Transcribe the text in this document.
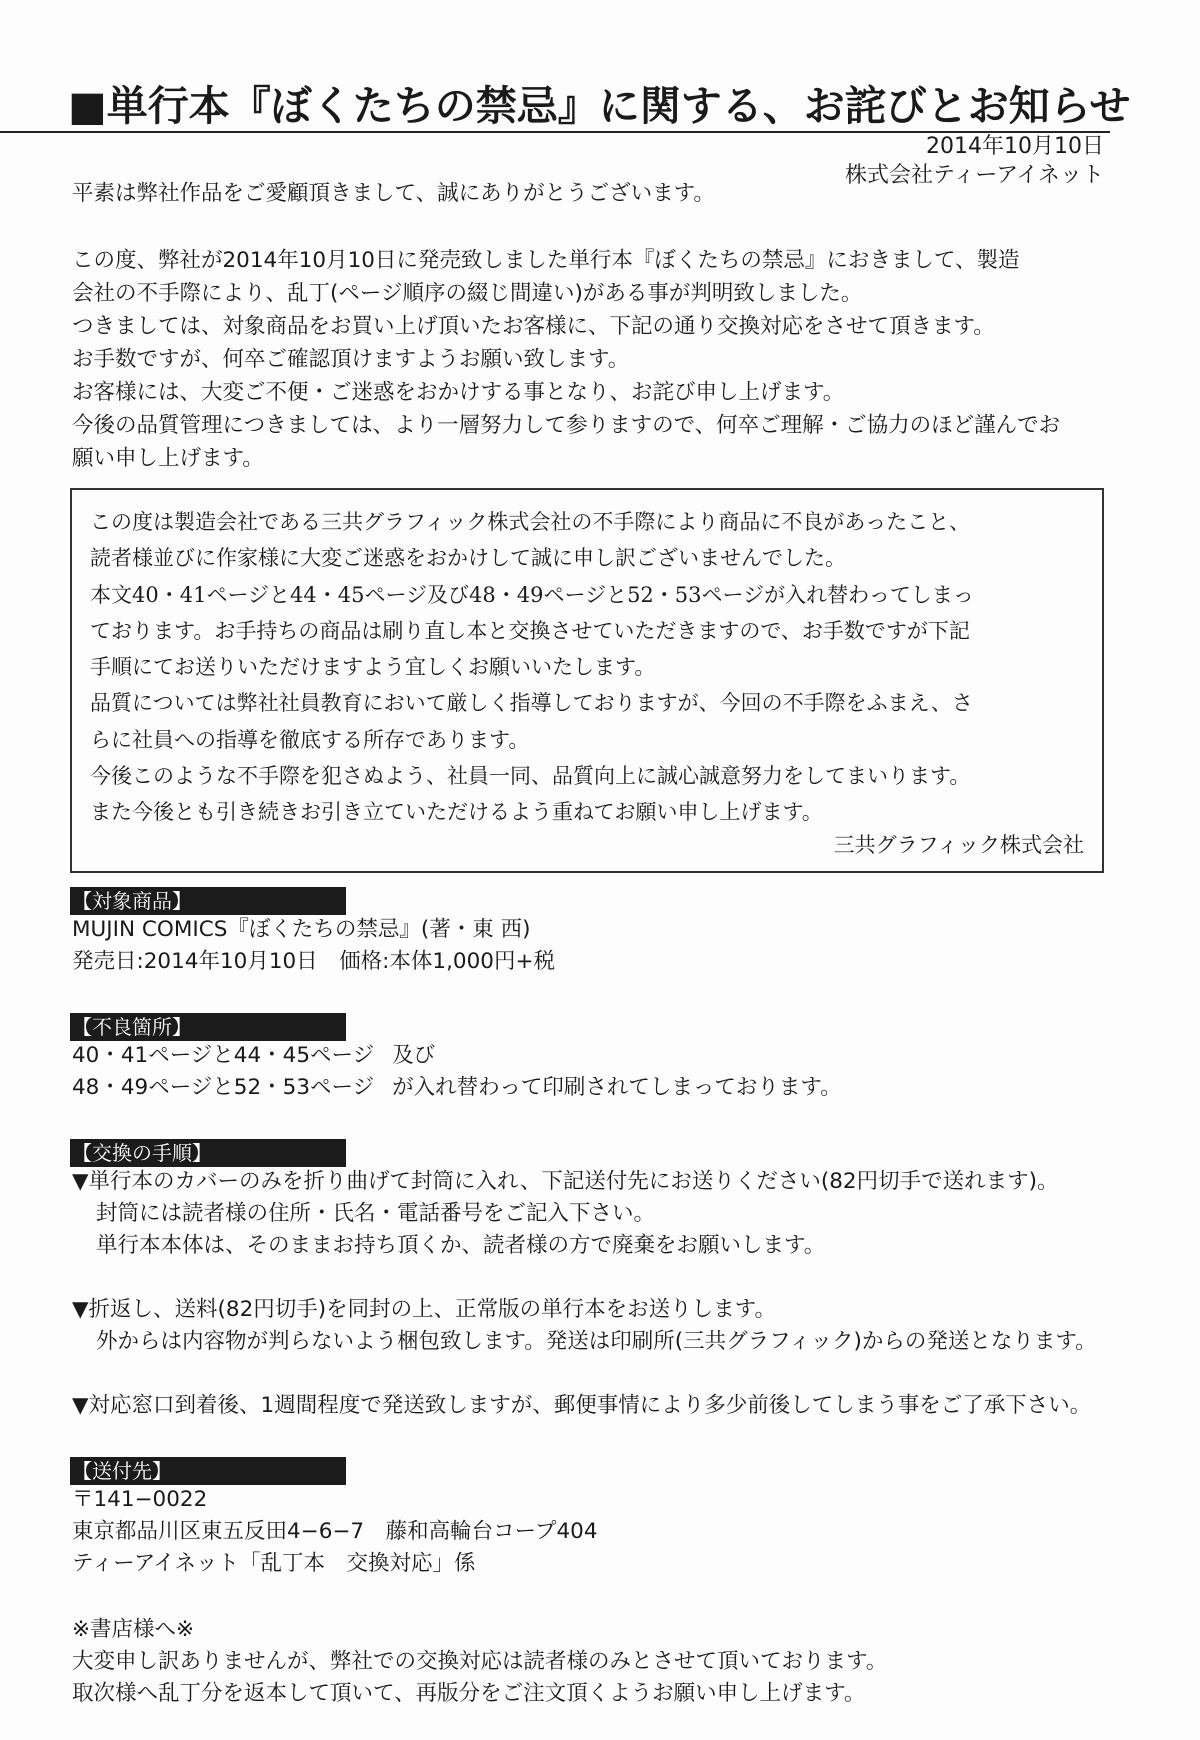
■単行本『ぼくたちの禁忌』に関する、お詫びとお知らせ
2014年10月10日
株式会社ティーアイネット
平素は弊社作品をご愛顧頂きまして、誠にありがとうございます。

この度、弊社が2014年10月10日に発売致しました単行本『ぼくたちの禁忌』におきまして、製造

会社の不手際により、乱丁(ページ順序の綴じ間違い)がある事が判明致しました。

つきましては、対象商品をお買い上げ頂いたお客様に、下記の通り交換対応をさせて頂きます。

お手数ですが、何卒ご確認頂けますようお願い致します。

お客様には、大変ご不便・ご迷惑をおかけする事となり、お詫び申し上げます。

今後の品質管理につきましては、より一層努力して参りますので、何卒ご理解・ご協力のほど謹んでお

願い申し上げます。

この度は製造会社である三共グラフィック株式会社の不手際により商品に不良があったこと、

読者様並びに作家様に大変ご迷惑をおかけして誠に申し訳ございませんでした。

本文40・41ページと44・45ページ及び48・49ページと52・53ページが入れ替わってしまっ

ております。お手持ちの商品は刷り直し本と交換させていただきますので、お手数ですが下記

手順にてお送りいただけますよう宜しくお願いいたします。

品質については弊社社員教育において厳しく指導しておりますが、今回の不手際をふまえ、さ

らに社員への指導を徹底する所存であります。

今後このような不手際を犯さぬよう、社員一同、品質向上に誠心誠意努力をしてまいります。

また今後とも引き続きお引き立ていただけるよう重ねてお願い申し上げます。

三共グラフィック株式会社
【対象商品】

MUJIN COMICS『ぼくたちの禁忌』(著・東 西)

発売日:2014年10月10日　価格:本体1,000円+税

【不良箇所】

40・41ページと44・45ページ 及び

48・49ページと52・53ページ が入れ替わって印刷されてしまっております。

【交換の手順】

▼単行本のカバーのみを折り曲げて封筒に入れ、下記送付先にお送りください(82円切手で送れます)。

封筒には読者様の住所・氏名・電話番号をご記入下さい。

単行本本体は、そのままお持ち頂くか、読者様の方で廃棄をお願いします。

▼折返し、送料(82円切手)を同封の上、正常版の単行本をお送りします。

外からは内容物が判らないよう梱包致します。発送は印刷所(三共グラフィック)からの発送となります。

▼対応窓口到着後、1週間程度で発送致しますが、郵便事情により多少前後してしまう事をご了承下さい。

【送付先】

〒141−0022

東京都品川区東五反田4−6−7　藤和高輪台コープ404

ティーアイネット「乱丁本　交換対応」係

※書店様へ※

大変申し訳ありませんが、弊社での交換対応は読者様のみとさせて頂いております。

取次様へ乱丁分を返本して頂いて、再版分をご注文頂くようお願い申し上げます。
